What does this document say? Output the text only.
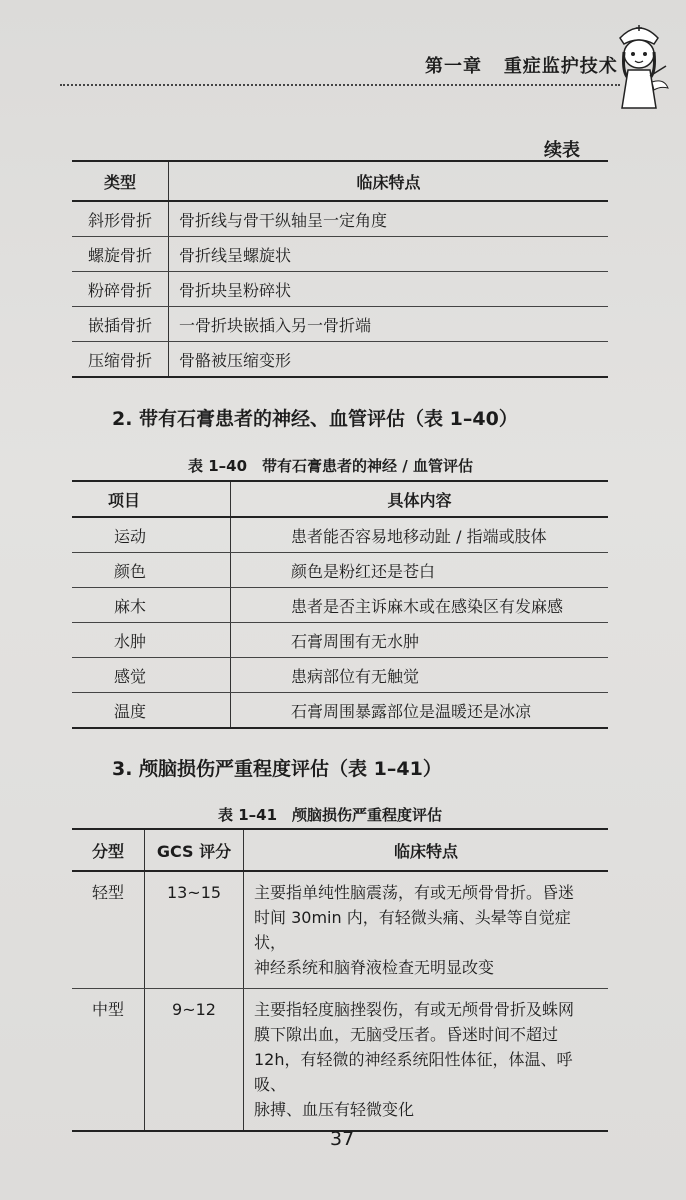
第一章 重症监护技术
续表
类型	临床特点
斜形骨折	骨折线与骨干纵轴呈一定角度
螺旋骨折	骨折线呈螺旋状
粉碎骨折	骨折块呈粉碎状
嵌插骨折	一骨折块嵌插入另一骨折端
压缩骨折	骨骼被压缩变形
2. 带有石膏患者的神经、血管评估（表 1–40）
表 1–40　带有石膏患者的神经 / 血管评估
项目	具体内容
运动	患者能否容易地移动趾 / 指端或肢体
颜色	颜色是粉红还是苍白
麻木	患者是否主诉麻木或在感染区有发麻感
水肿	石膏周围有无水肿
感觉	患病部位有无触觉
温度	石膏周围暴露部位是温暖还是冰凉
3. 颅脑损伤严重程度评估（表 1–41）
表 1–41　颅脑损伤严重程度评估
分型	GCS 评分	临床特点
轻型	13~15	主要指单纯性脑震荡，有或无颅骨骨折。昏迷
时间 30min 内，有轻微头痛、头晕等自觉症状，
神经系统和脑脊液检查无明显改变

中型	9~12	主要指轻度脑挫裂伤，有或无颅骨骨折及蛛网
膜下隙出血，无脑受压者。昏迷时间不超过
12h，有轻微的神经系统阳性体征，体温、呼吸、
脉搏、血压有轻微变化
37
